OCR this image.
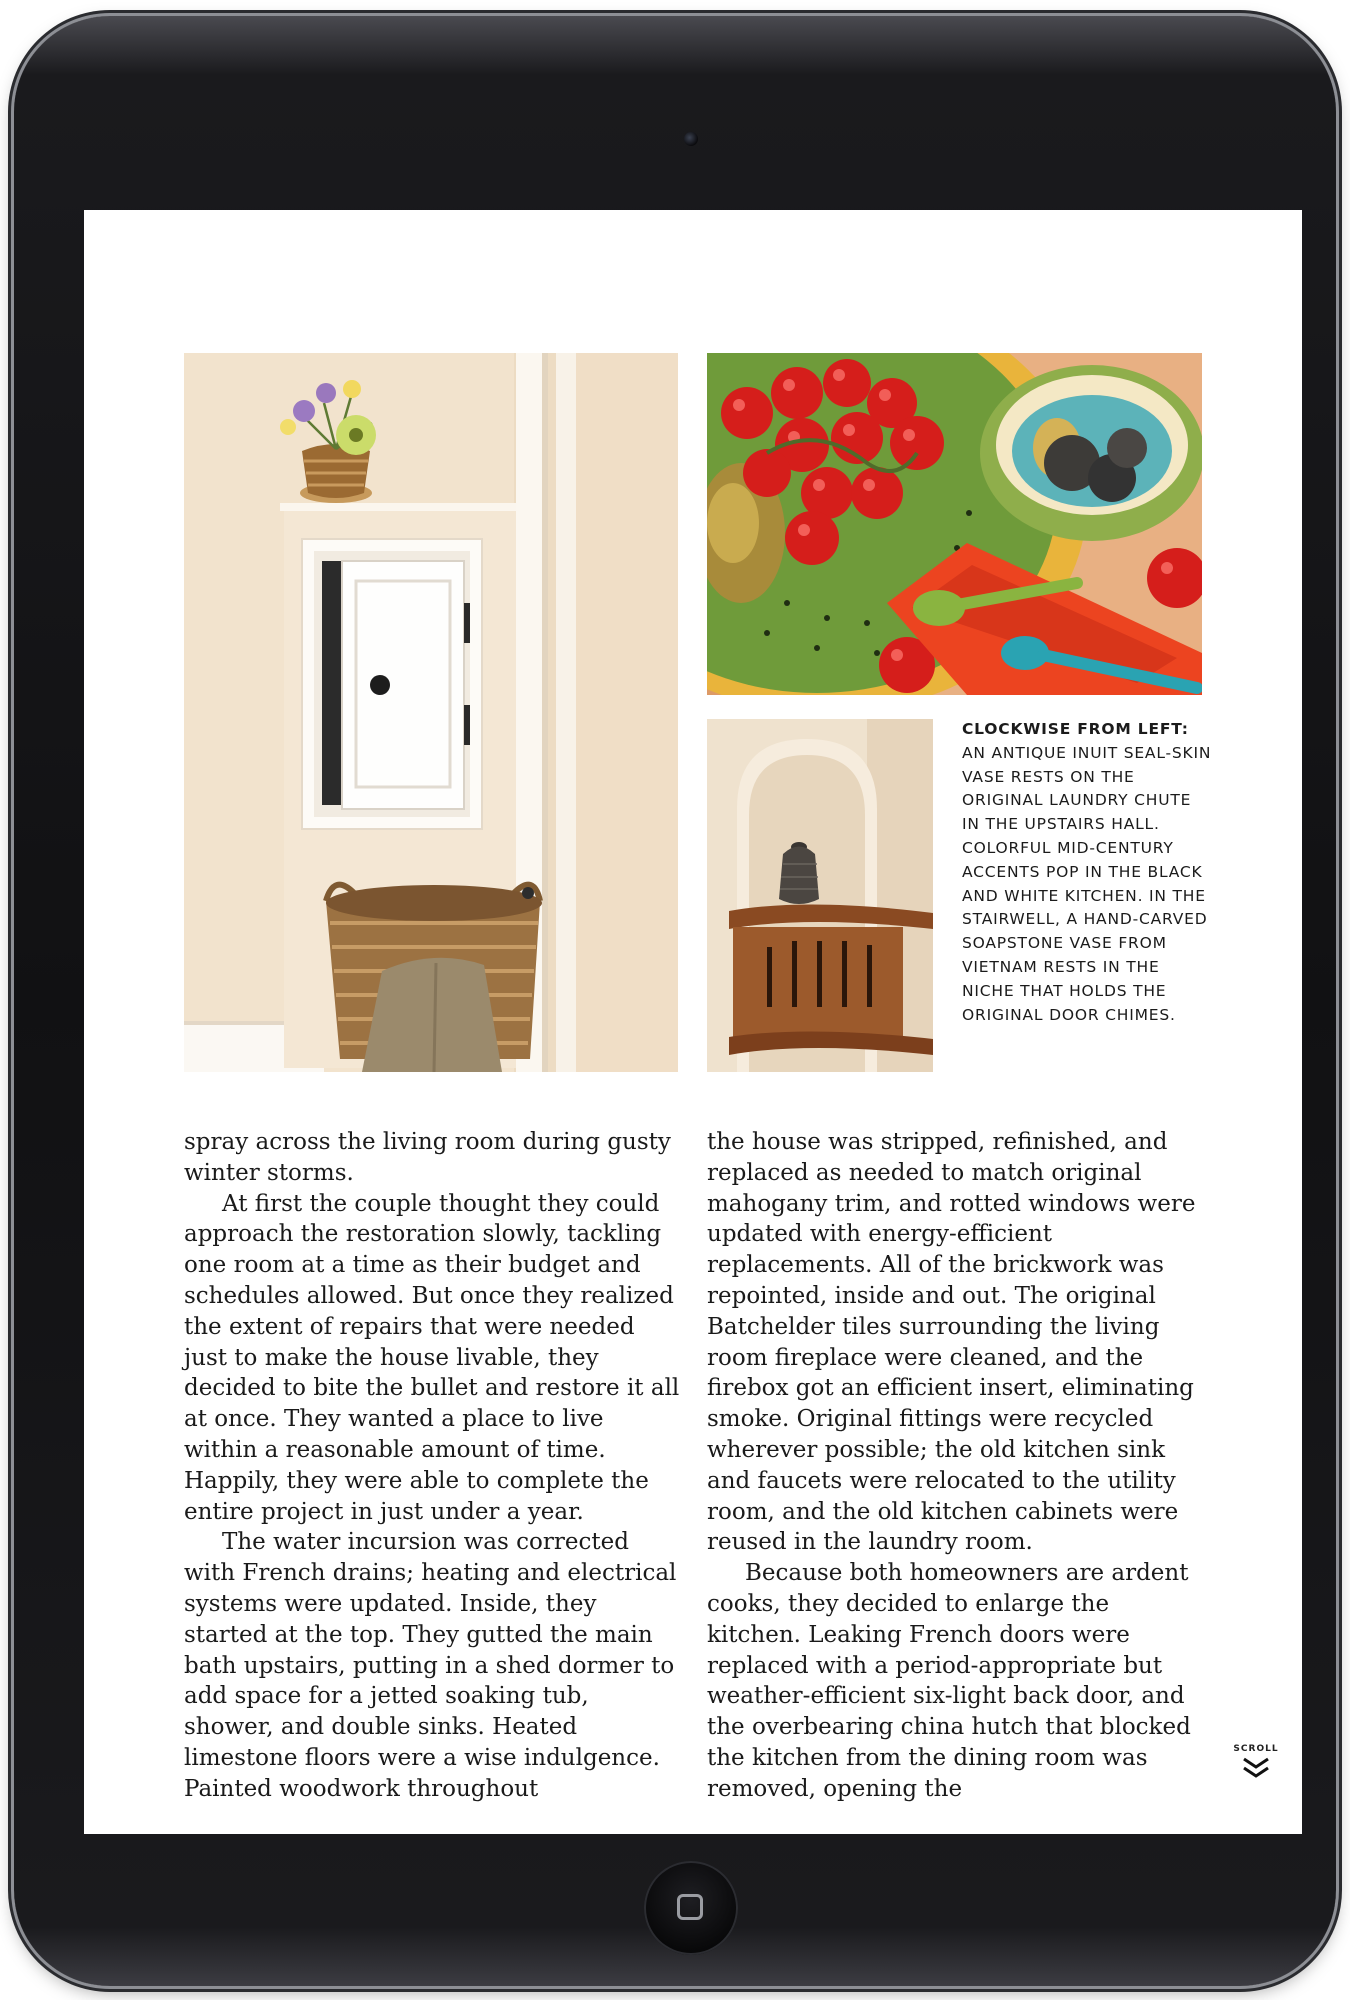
CLOCKWISE FROM LEFT:
AN ANTIQUE INUIT SEAL-SKIN VASE RESTS ON THE ORIGINAL LAUNDRY CHUTE IN THE UPSTAIRS HALL. COLORFUL MID-CENTURY ACCENTS POP IN THE BLACK AND WHITE KITCHEN. IN THE STAIRWELL, A HAND-CARVED SOAPSTONE VASE FROM VIETNAM RESTS IN THE NICHE THAT HOLDS THE ORIGINAL DOOR CHIMES.

spray across the living room during gusty winter storms.

At first the couple thought they could approach the restoration slowly, tackling one room at a time as their budget and schedules allowed. But once they realized the extent of repairs that were needed just to make the house livable, they decided to bite the bullet and restore it all at once. They wanted a place to live within a reasonable amount of time. Happily, they were able to complete the entire project in just under a year.

The water incursion was corrected with French drains; heating and electrical systems were updated. Inside, they started at the top. They gutted the main bath upstairs, putting in a shed dormer to add space for a jetted soaking tub, shower, and double sinks. Heated limestone floors were a wise indulgence. Painted woodwork throughout

the house was stripped, refinished, and replaced as needed to match original mahogany trim, and rotted windows were updated with energy-efficient replacements. All of the brickwork was repointed, inside and out. The original Batchelder tiles surrounding the living room fireplace were cleaned, and the firebox got an efficient insert, eliminating smoke. Original fittings were recycled wherever possible; the old kitchen sink and faucets were relocated to the utility room, and the old kitchen cabinets were reused in the laundry room.

Because both homeowners are ardent cooks, they decided to enlarge the kitchen. Leaking French doors were replaced with a period-appropriate but weather-efficient six-light back door, and the overbearing china hutch that blocked the kitchen from the dining room was removed, opening the

SCROLL
